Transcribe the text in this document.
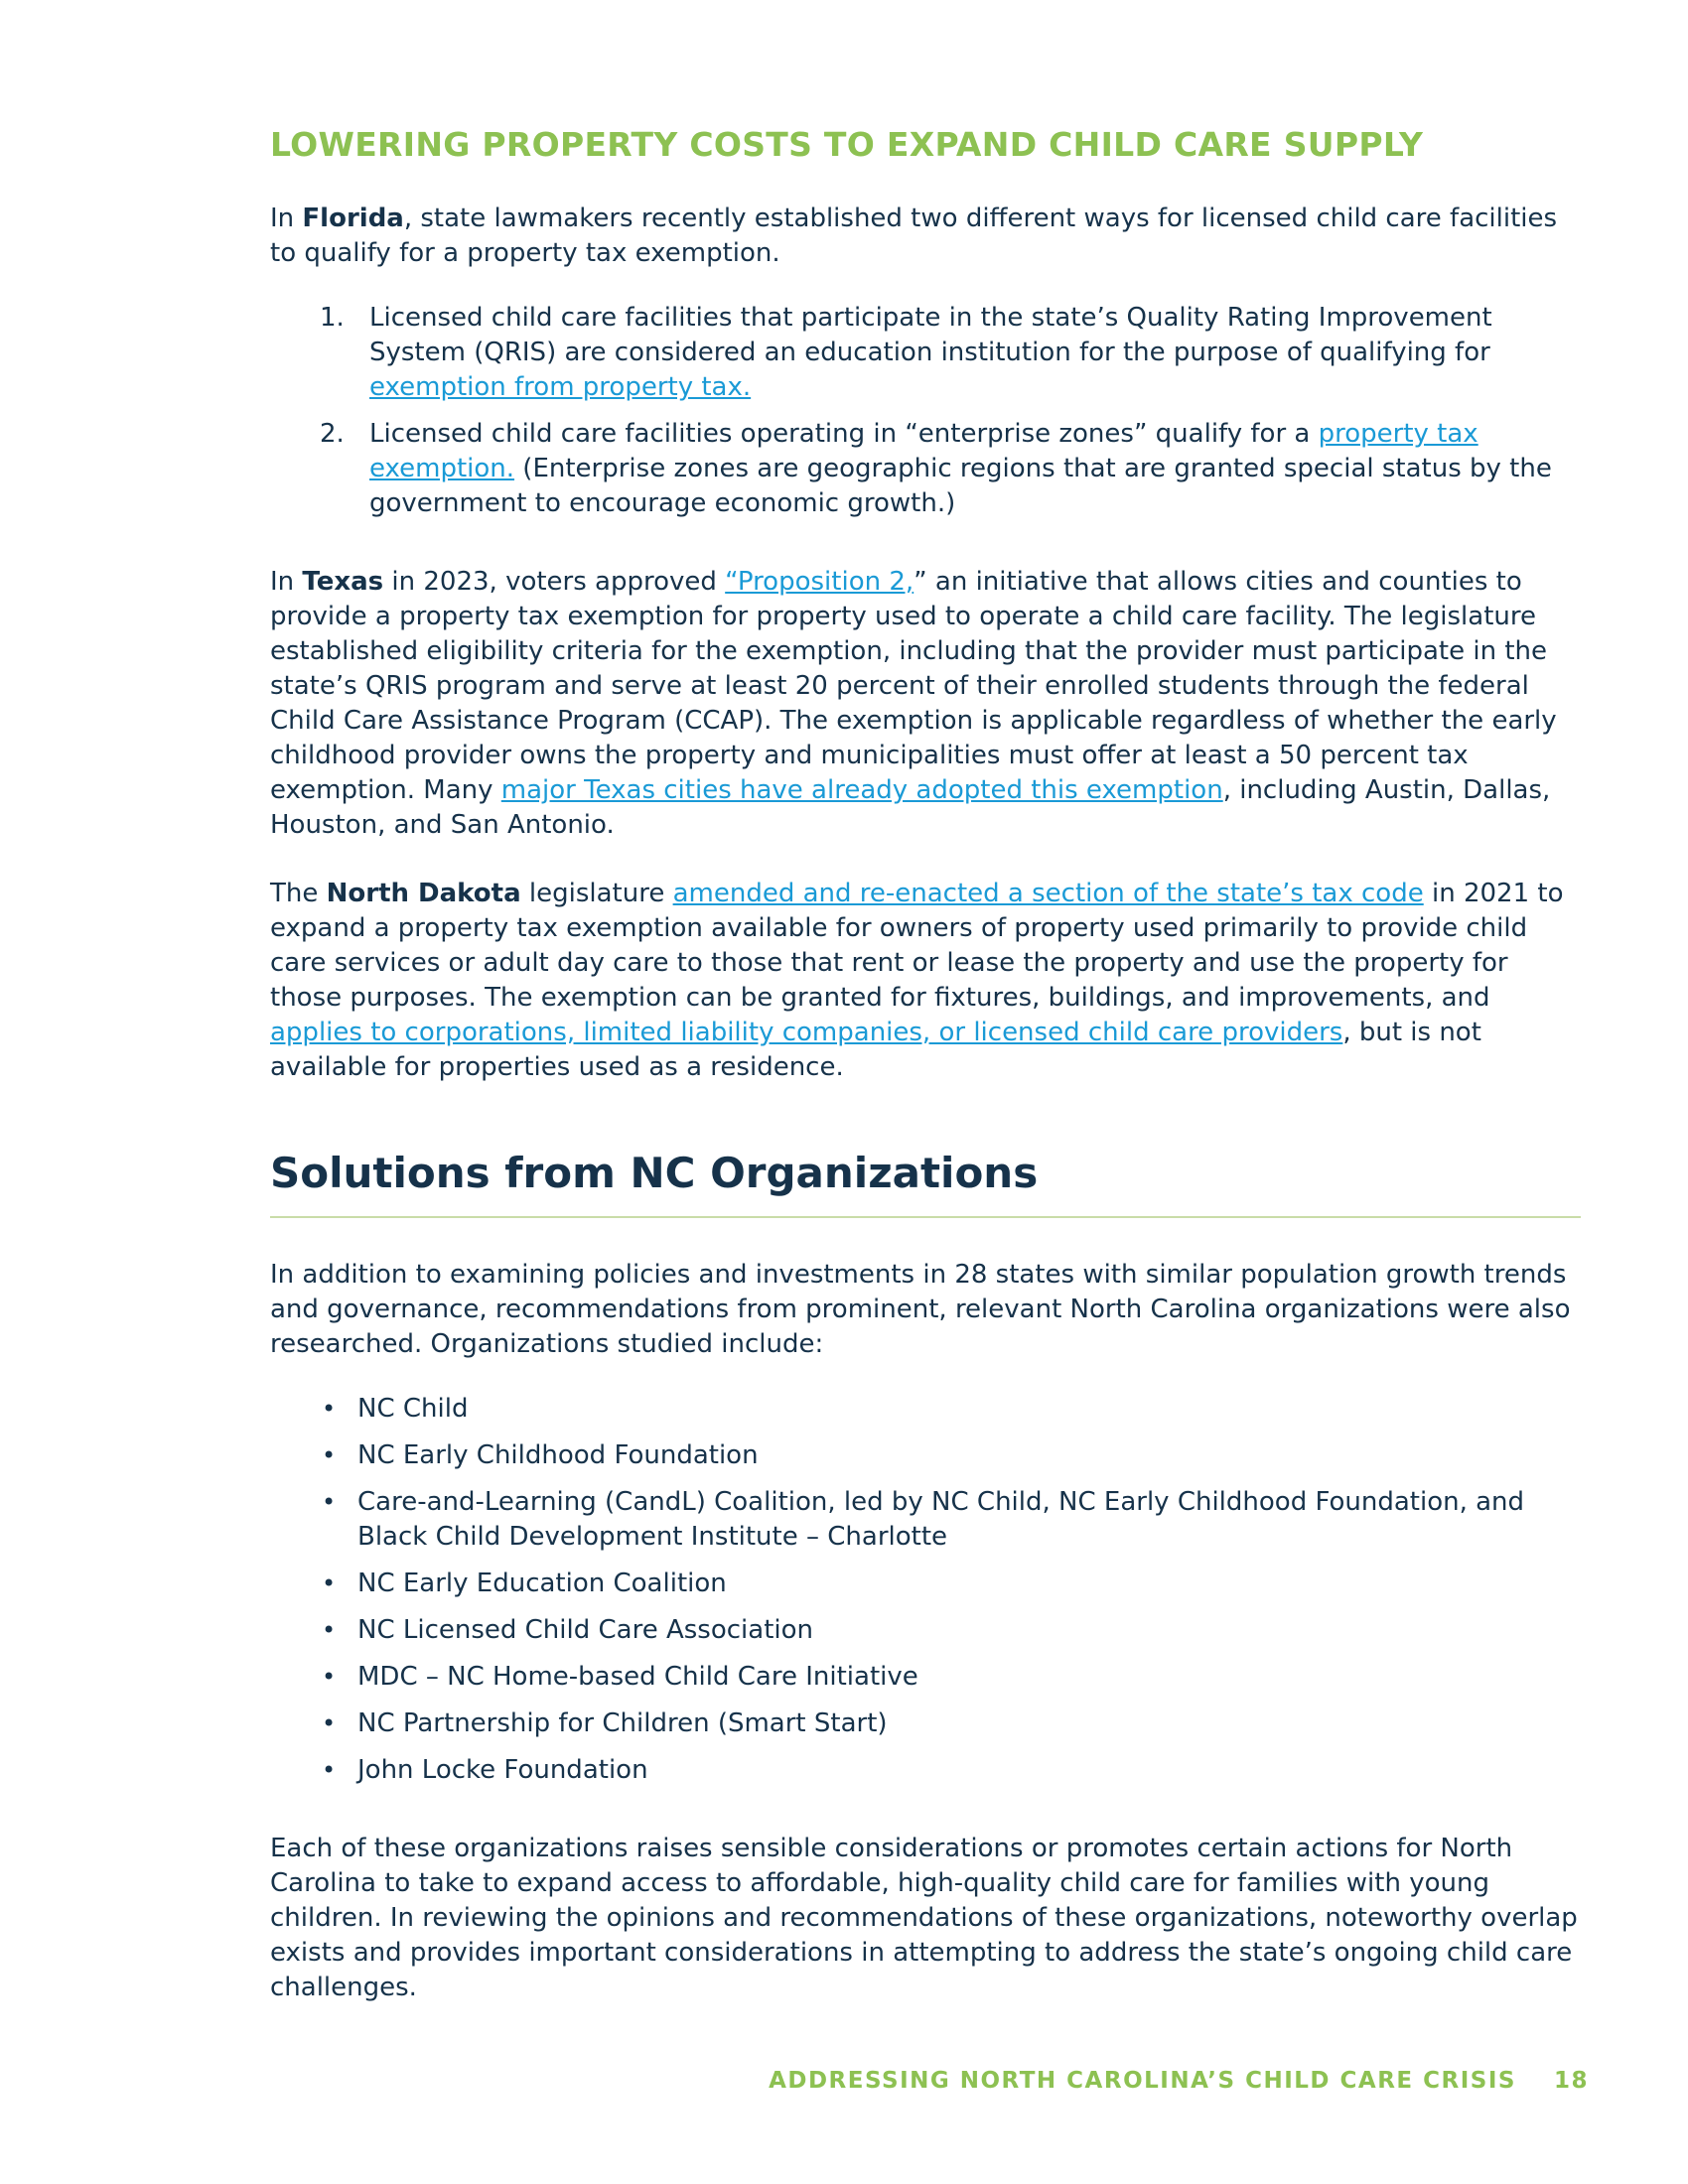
LOWERING PROPERTY COSTS TO EXPAND CHILD CARE SUPPLY

In Florida, state lawmakers recently established two different ways for licensed child care facilities to qualify for a property tax exemption.

1. Licensed child care facilities that participate in the state’s Quality Rating Improvement System (QRIS) are considered an education institution for the purpose of qualifying for exemption from property tax.
2. Licensed child care facilities operating in “enterprise zones” qualify for a property tax exemption. (Enterprise zones are geographic regions that are granted special status by the government to encourage economic growth.)

In Texas in 2023, voters approved “Proposition 2,” an initiative that allows cities and counties to provide a property tax exemption for property used to operate a child care facility. The legislature established eligibility criteria for the exemption, including that the provider must participate in the state’s QRIS program and serve at least 20 percent of their enrolled students through the federal Child Care Assistance Program (CCAP). The exemption is applicable regardless of whether the early childhood provider owns the property and municipalities must offer at least a 50 percent tax exemption. Many major Texas cities have already adopted this exemption, including Austin, Dallas, Houston, and San Antonio.

The North Dakota legislature amended and re-enacted a section of the state’s tax code in 2021 to expand a property tax exemption available for owners of property used primarily to provide child care services or adult day care to those that rent or lease the property and use the property for those purposes. The exemption can be granted for fixtures, buildings, and improvements, and applies to corporations, limited liability companies, or licensed child care providers, but is not available for properties used as a residence.

Solutions from NC Organizations

In addition to examining policies and investments in 28 states with similar population growth trends and governance, recommendations from prominent, relevant North Carolina organizations were also researched. Organizations studied include:

• NC Child
• NC Early Childhood Foundation
• Care-and-Learning (CandL) Coalition, led by NC Child, NC Early Childhood Foundation, and Black Child Development Institute – Charlotte
• NC Early Education Coalition
• NC Licensed Child Care Association
• MDC – NC Home-based Child Care Initiative
• NC Partnership for Children (Smart Start)
• John Locke Foundation

Each of these organizations raises sensible considerations or promotes certain actions for North Carolina to take to expand access to affordable, high-quality child care for families with young children. In reviewing the opinions and recommendations of these organizations, noteworthy overlap exists and provides important considerations in attempting to address the state’s ongoing child care challenges.

ADDRESSING NORTH CAROLINA’S CHILD CARE CRISIS 18
